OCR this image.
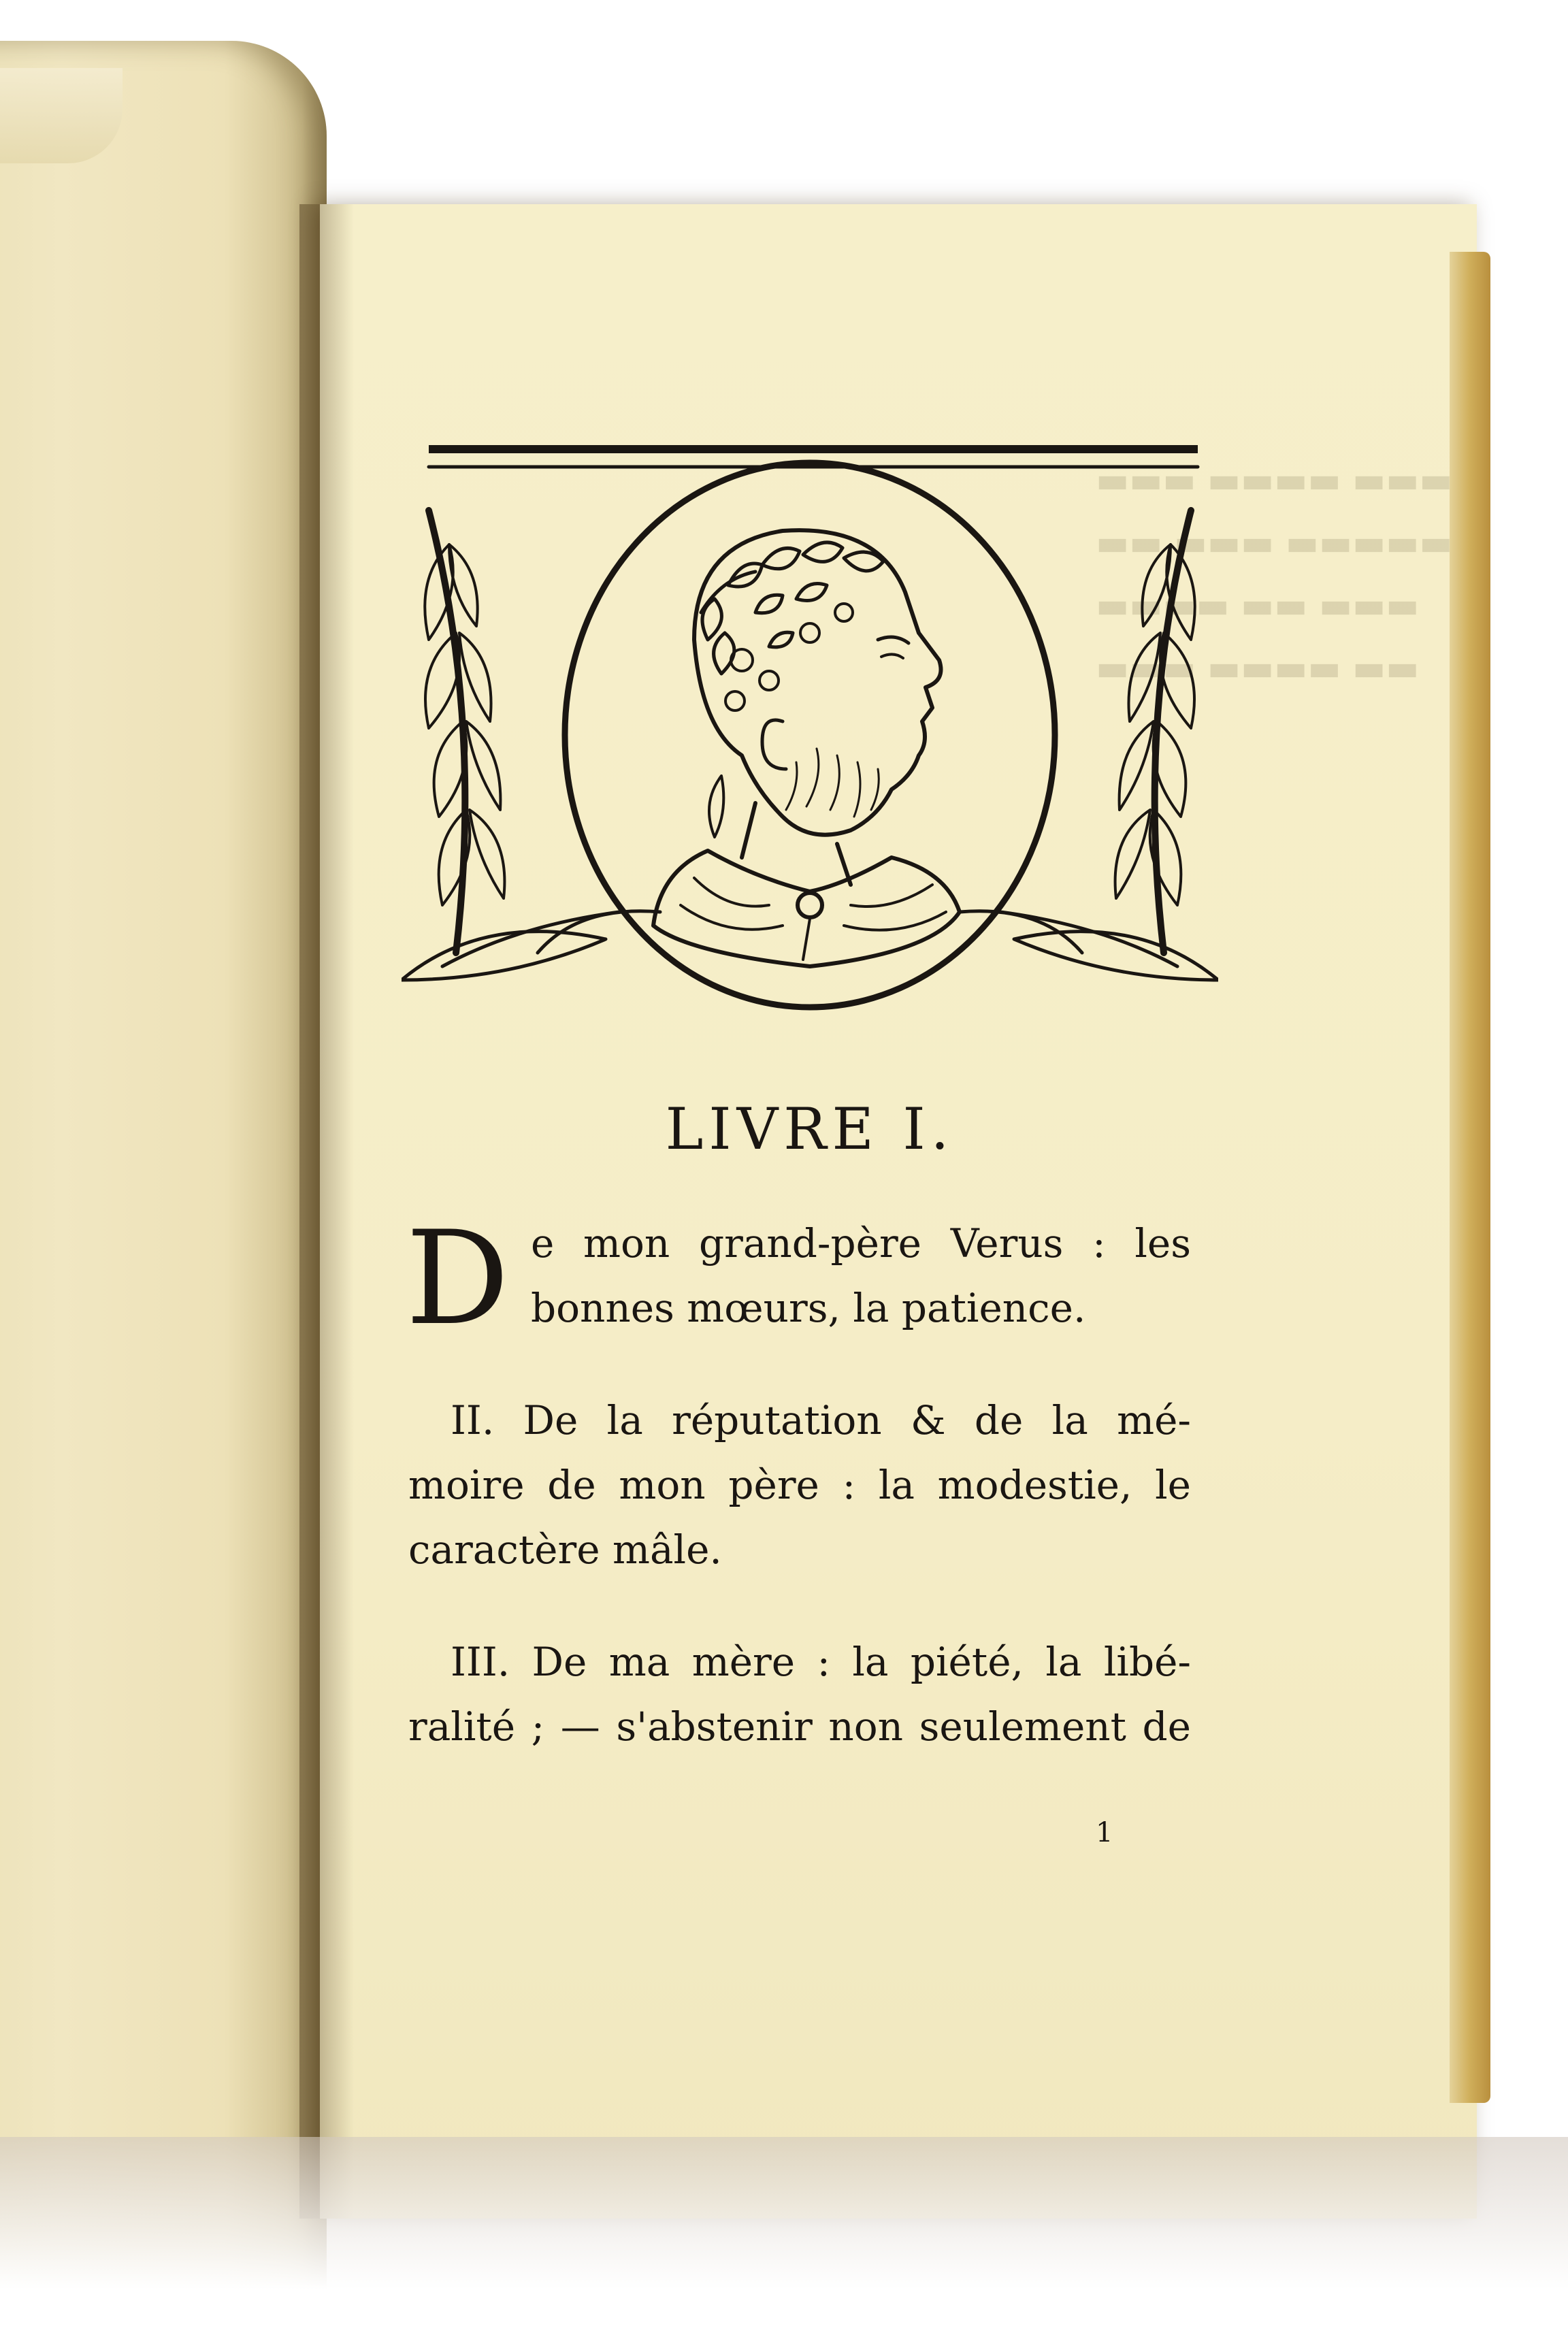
▬▬▬ ▬▬▬▬ ▬▬▬
▬▬ ▬▬▬ ▬▬▬▬▬
▬▬▬▬ ▬▬ ▬▬▬
▬▬▬ ▬▬▬▬ ▬▬
LIVRE I.
D e mon grand-père Verus : les
bonnes mœurs, la patience.
II. De la réputation & de la mé-
moire de mon père : la modestie, le
caractère mâle.
III. De ma mère : la piété, la libé-
ralité ; — s'abstenir non seulement de
1
